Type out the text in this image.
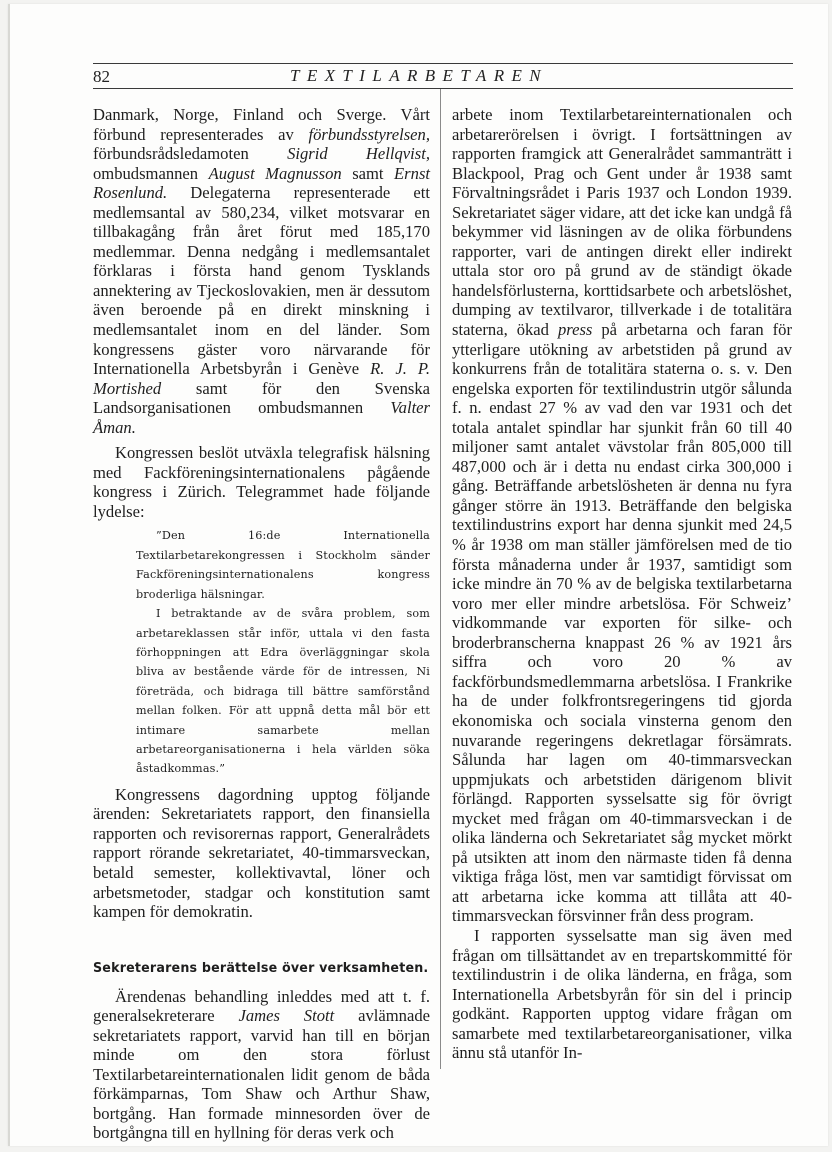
82	TEXTILARBETAREN

Danmark, Norge, Finland och Sverge. Vårt förbund representerades av förbundsstyrelsen, förbundsrådsledamoten Sigrid Hellqvist, ombudsmannen August Magnusson samt Ernst Rosenlund. Delegaterna representerade ett medlemsantal av 580,234, vilket motsvarar en tillbakagång från året förut med 185,170 medlemmar. Denna nedgång i medlemsantalet förklaras i första hand genom Tysklands annektering av Tjeckoslovakien, men är dessutom även beroende på en direkt minskning i medlemsantalet inom en del länder. Som kongressens gäster voro närvarande för Internationella Arbetsbyrån i Genève R. J. P. Mortished samt för den Svenska Landsorganisationen ombudsmannen Valter Åman.

Kongressen beslöt utväxla telegrafisk hälsning med Fackföreningsinternationalens pågående kongress i Zürich. Telegrammet hade följande lydelse:

”Den 16:de Internationella Textilarbetarekongressen i Stockholm sänder Fackföreningsinternationalens kongress broderliga hälsningar.

I betraktande av de svåra problem, som arbetareklassen står inför, uttala vi den fasta förhoppningen att Edra överläggningar skola bliva av bestående värde för de intressen, Ni företräda, och bidraga till bättre samförstånd mellan folken. För att uppnå detta mål bör ett intimare samarbete mellan arbetareorganisationerna i hela världen söka åstadkommas.”

Kongressens dagordning upptog följande ärenden: Sekretariatets rapport, den finansiella rapporten och revisorernas rapport, Generalrådets rapport rörande sekretariatet, 40-timmarsveckan, betald semester, kollektivavtal, löner och arbetsmetoder, stadgar och konstitution samt kampen för demokratin.

Sekreterarens berättelse över verksamheten.

Ärendenas behandling inleddes med att t. f. generalsekreterare James Stott avlämnade sekretariatets rapport, varvid han till en början minde om den stora förlust Textilarbetareinternationalen lidit genom de båda förkämparnas, Tom Shaw och Arthur Shaw, bortgång. Han formade minnesorden över de bortgångna till en hyllning för deras verk och

arbete inom Textilarbetareinternationalen och arbetarerörelsen i övrigt. I fortsättningen av rapporten framgick att Generalrådet sammanträtt i Blackpool, Prag och Gent under år 1938 samt Förvaltningsrådet i Paris 1937 och London 1939. Sekretariatet säger vidare, att det icke kan undgå få bekymmer vid läsningen av de olika förbundens rapporter, vari de antingen direkt eller indirekt uttala stor oro på grund av de ständigt ökade handelsförlusterna, korttidsarbete och arbetslöshet, dumping av textilvaror, tillverkade i de totalitära staterna, ökad press på arbetarna och faran för ytterligare utökning av arbetstiden på grund av konkurrens från de totalitära staterna o. s. v. Den engelska exporten för textilindustrin utgör sålunda f. n. endast 27 % av vad den var 1931 och det totala antalet spindlar har sjunkit från 60 till 40 miljoner samt antalet vävstolar från 805,000 till 487,000 och är i detta nu endast cirka 300,000 i gång. Beträffande arbetslösheten är denna nu fyra gånger större än 1913. Beträffande den belgiska textilindustrins export har denna sjunkit med 24,5 % år 1938 om man ställer jämförelsen med de tio första månaderna under år 1937, samtidigt som icke mindre än 70 % av de belgiska textilarbetarna voro mer eller mindre arbetslösa. För Schweiz’ vidkommande var exporten för silke- och broderbranscherna knappast 26 % av 1921 års siffra och voro 20 % av fackförbundsmedlemmarna arbetslösa. I Frankrike ha de under folkfrontsregeringens tid gjorda ekonomiska och sociala vinsterna genom den nuvarande regeringens dekretlagar försämrats. Sålunda har lagen om 40-timmarsveckan uppmjukats och arbetstiden därigenom blivit förlängd. Rapporten sysselsatte sig för övrigt mycket med frågan om 40-timmarsveckan i de olika länderna och Sekretariatet såg mycket mörkt på utsikten att inom den närmaste tiden få denna viktiga fråga löst, men var samtidigt förvissat om att arbetarna icke komma att tillåta att 40-timmarsveckan försvinner från dess program.

I rapporten sysselsatte man sig även med frågan om tillsättandet av en trepartskommitté för textilindustrin i de olika länderna, en fråga, som Internationella Arbetsbyrån för sin del i princip godkänt. Rapporten upptog vidare frågan om samarbete med textilarbetareorganisationer, vilka ännu stå utanför In-
